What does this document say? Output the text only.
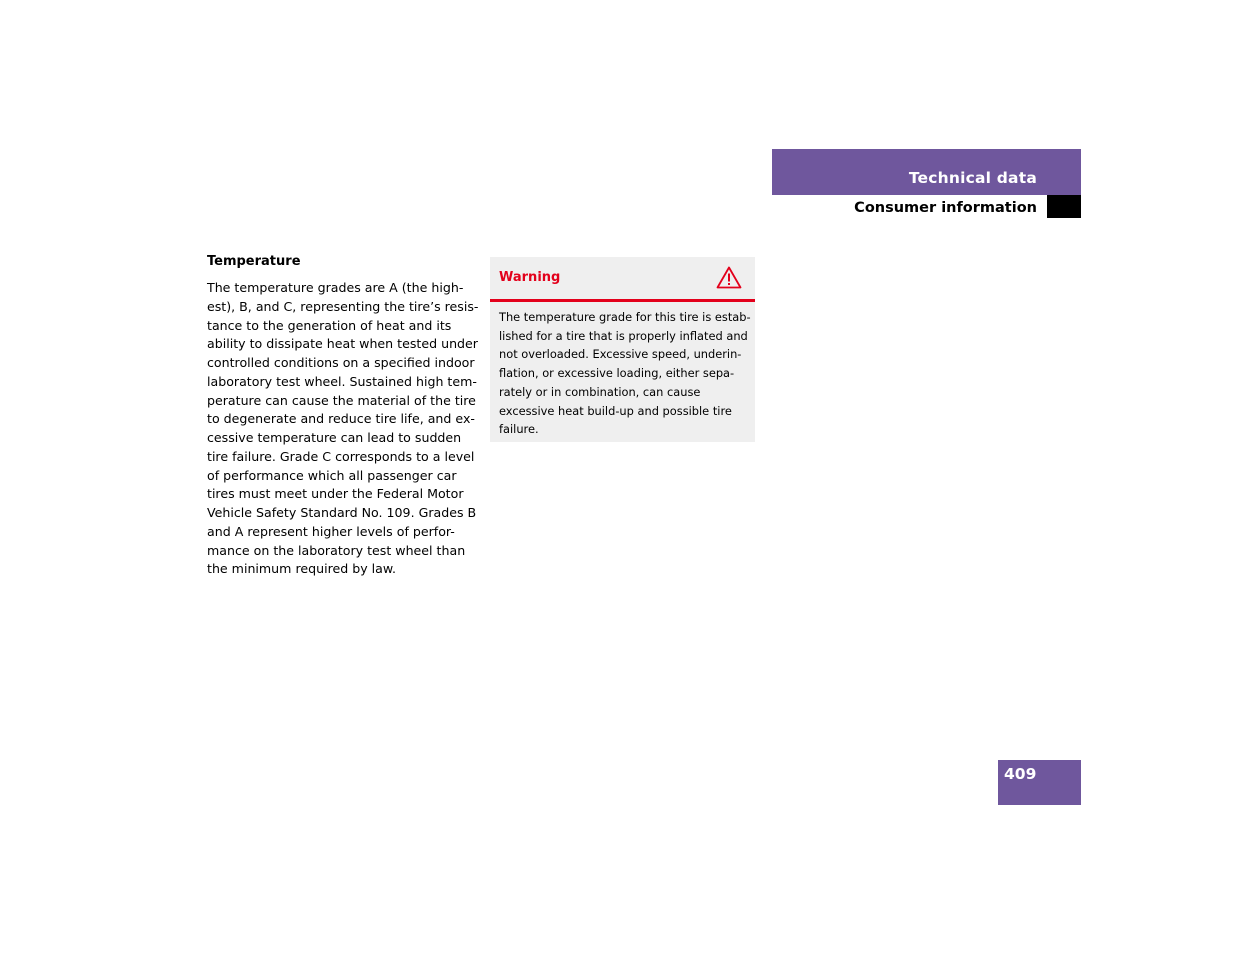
Technical data
Consumer information
Temperature

The temperature grades are A (the high-
est), B, and C, representing the tire’s resis-
tance to the generation of heat and its
ability to dissipate heat when tested under
controlled conditions on a specified indoor
laboratory test wheel. Sustained high tem-
perature can cause the material of the tire
to degenerate and reduce tire life, and ex-
cessive temperature can lead to sudden
tire failure. Grade C corresponds to a level
of performance which all passenger car
tires must meet under the Federal Motor
Vehicle Safety Standard No. 109. Grades B
and A represent higher levels of perfor-
mance on the laboratory test wheel than
the minimum required by law.

Warning
The temperature grade for this tire is estab-
lished for a tire that is properly inflated and
not overloaded. Excessive speed, underin-
flation, or excessive loading, either sepa-
rately or in combination, can cause
excessive heat build-up and possible tire
failure.
409
